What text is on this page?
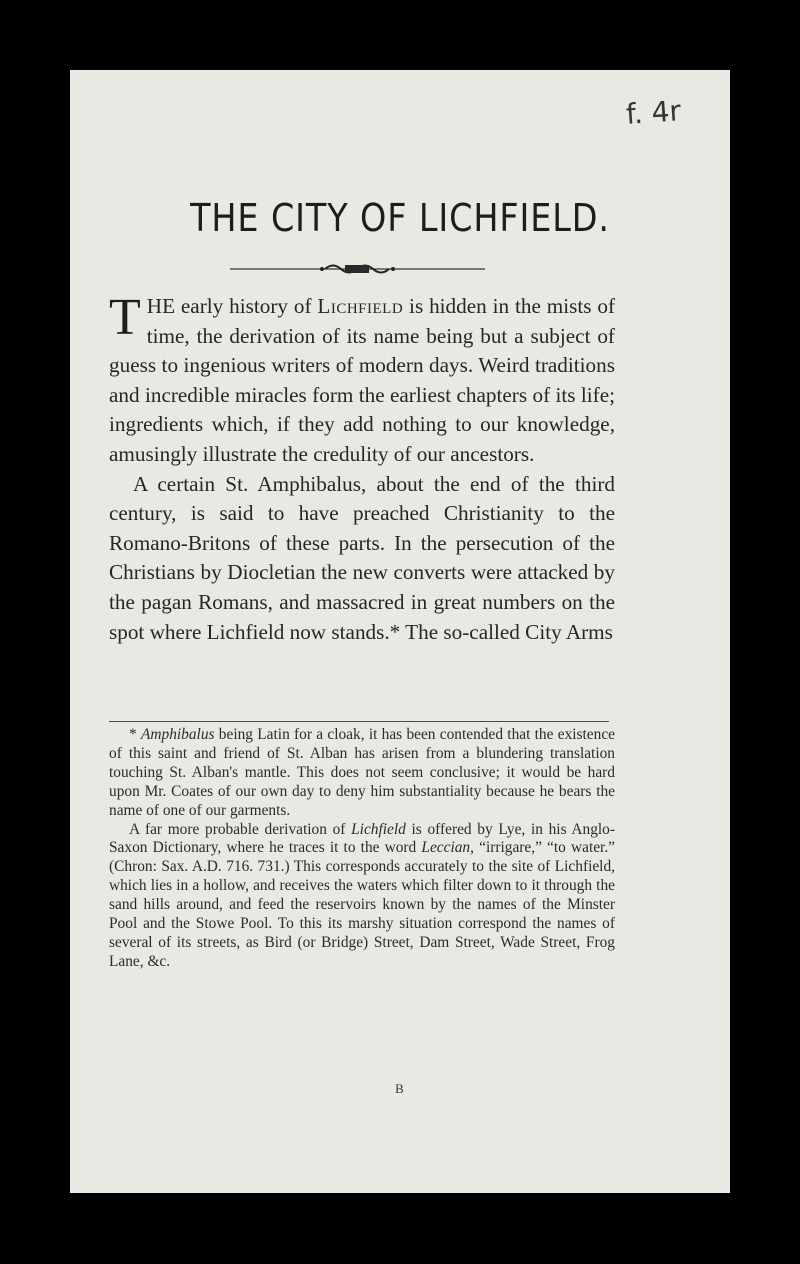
f. 4r
THE CITY OF LICHFIELD.

THE early history of Lichfield is hidden in the mists of time, the derivation of its name being but a subject of guess to ingenious writers of modern days. Weird traditions and incredible miracles form the earliest chapters of its life; ingredients which, if they add nothing to our knowledge, amusingly illustrate the credulity of our ancestors.

A certain St. Amphibalus, about the end of the third century, is said to have preached Christianity to the Romano-Britons of these parts. In the persecution of the Christians by Diocletian the new converts were attacked by the pagan Romans, and massacred in great numbers on the spot where Lichfield now stands.* The so-called City Arms

* Amphibalus being Latin for a cloak, it has been contended that the existence of this saint and friend of St. Alban has arisen from a blundering translation touching St. Alban's mantle. This does not seem conclusive; it would be hard upon Mr. Coates of our own day to deny him substantiality because he bears the name of one of our garments.

A far more probable derivation of Lichfield is offered by Lye, in his Anglo-Saxon Dictionary, where he traces it to the word Leccian, “irrigare,” “to water.” (Chron: Sax. A.D. 716. 731.) This corresponds accurately to the site of Lichfield, which lies in a hollow, and receives the waters which filter down to it through the sand hills around, and feed the reservoirs known by the names of the Minster Pool and the Stowe Pool. To this its marshy situation correspond the names of several of its streets, as Bird (or Bridge) Street, Dam Street, Wade Street, Frog Lane, &c.

B
